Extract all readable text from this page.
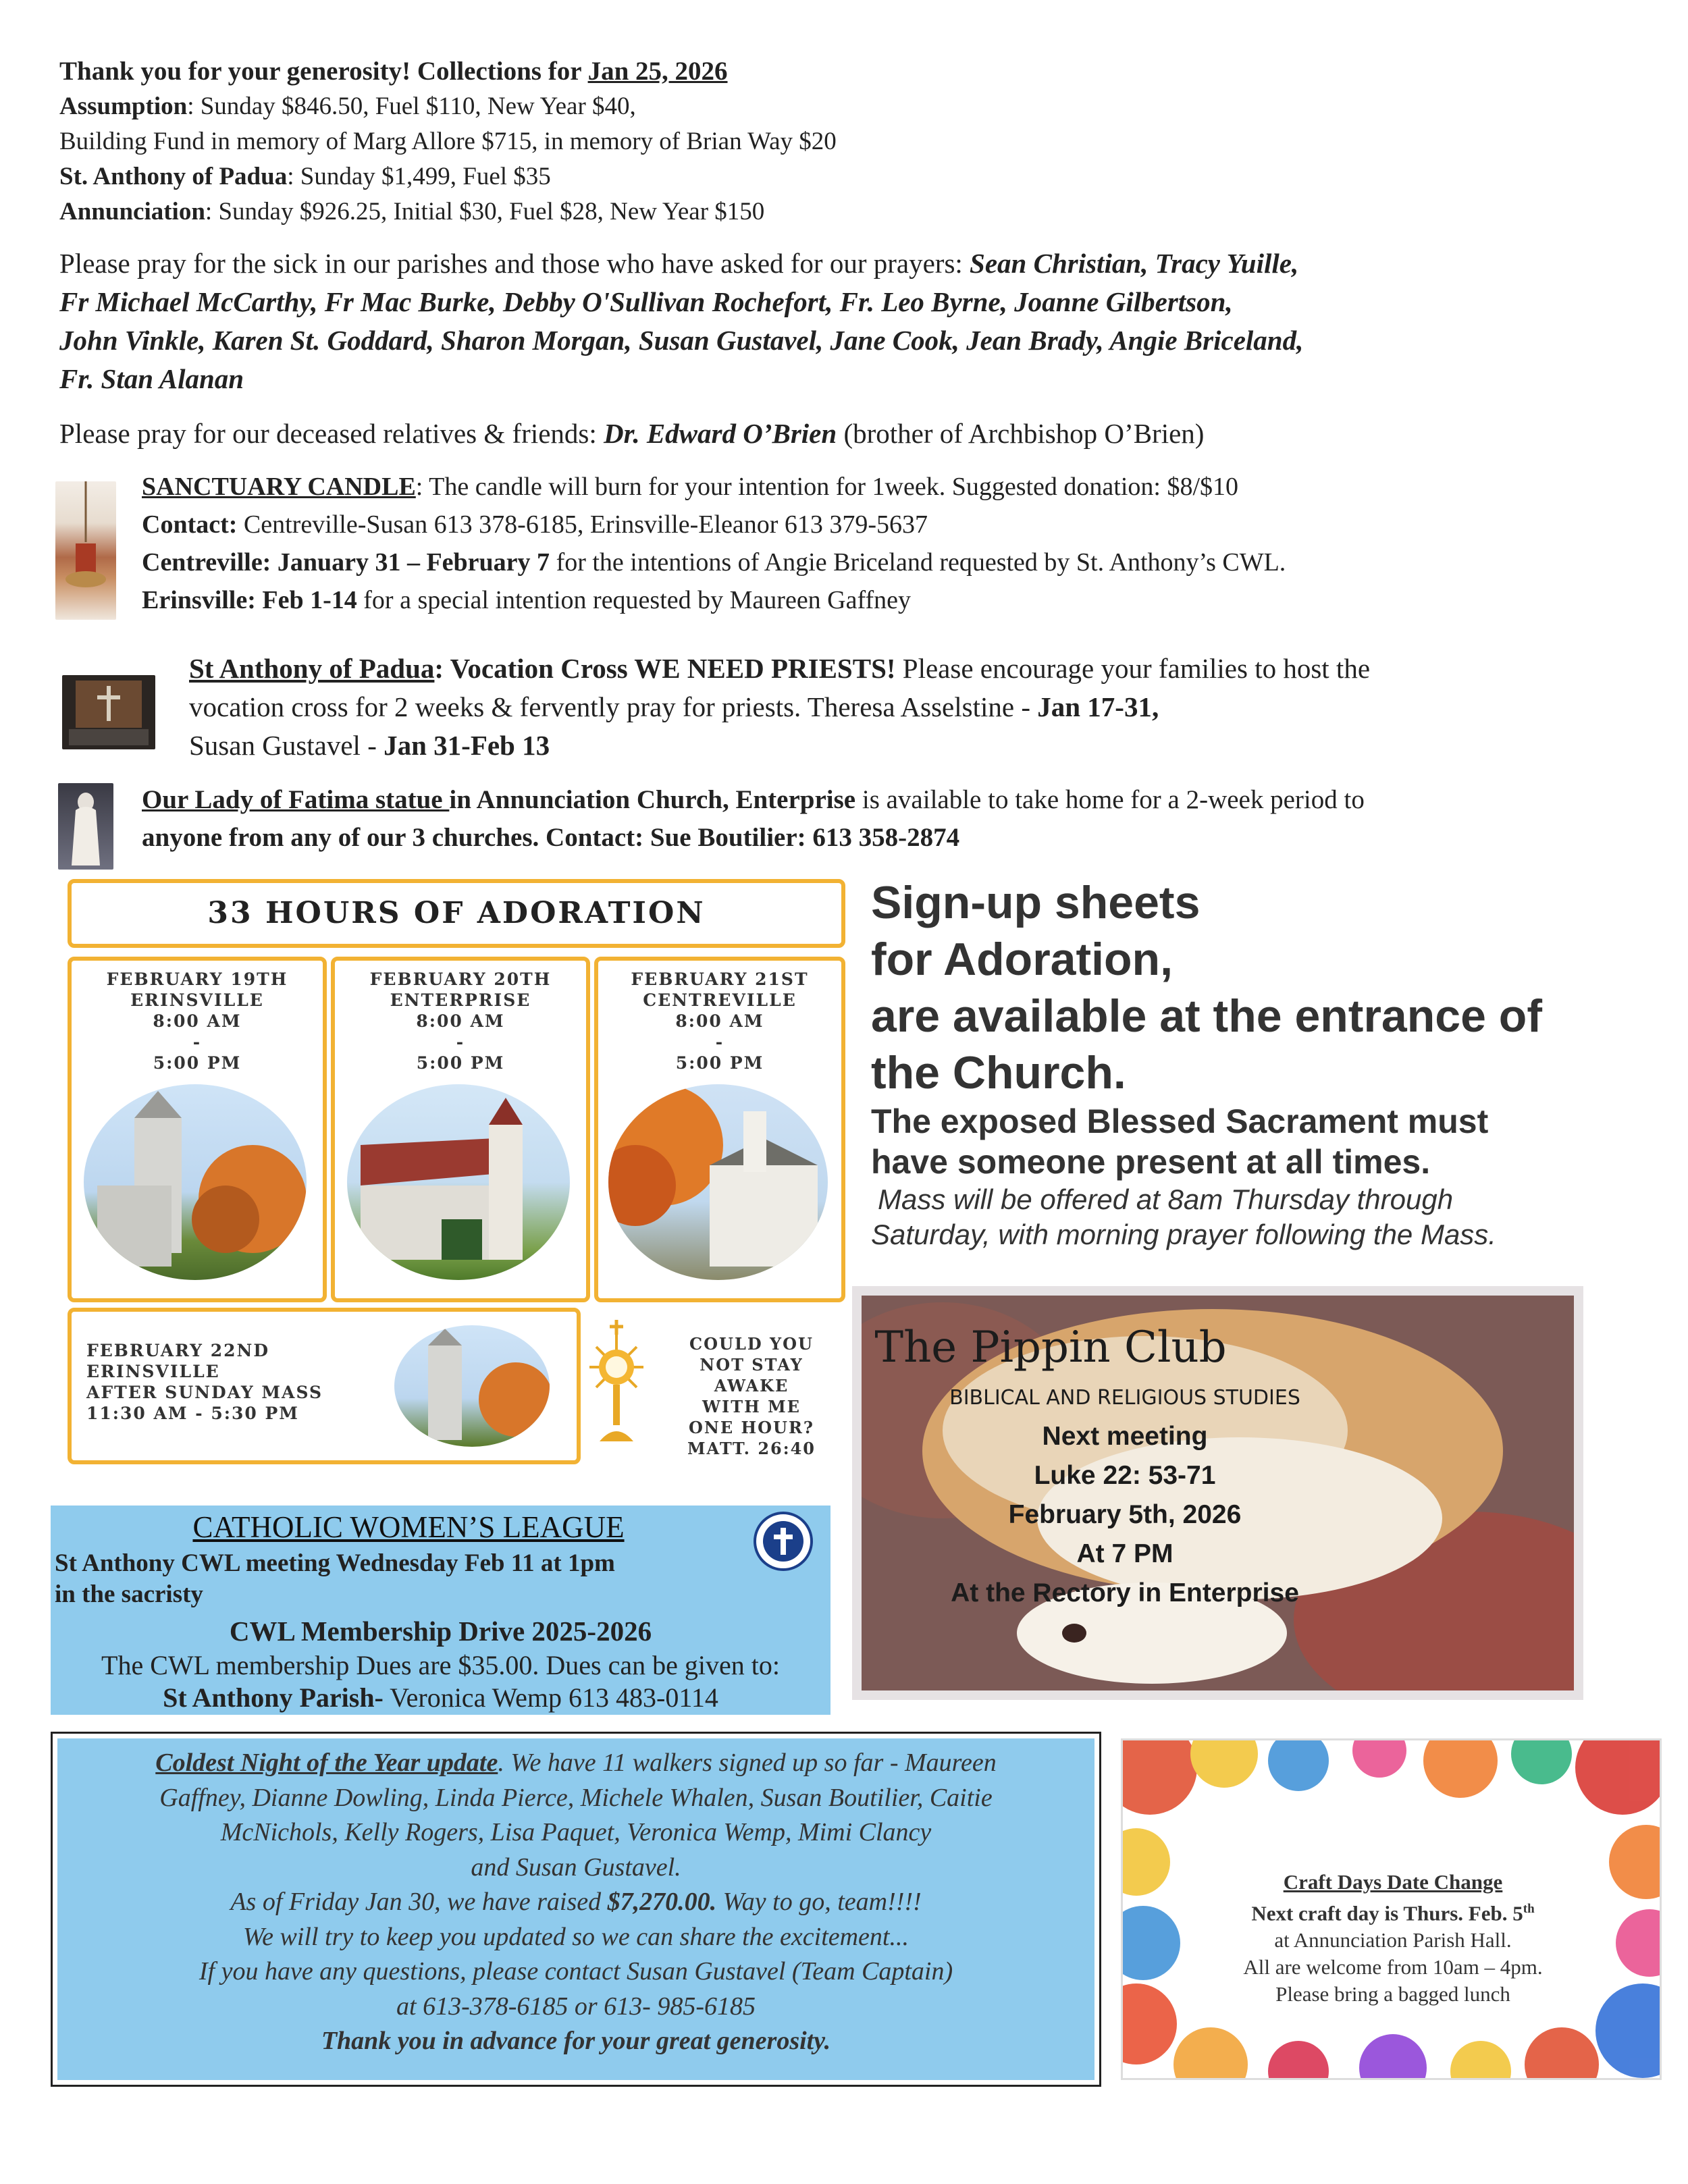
Thank you for your generosity! Collections for Jan 25, 2026
Assumption: Sunday $846.50, Fuel $110, New Year $40,
Building Fund in memory of Marg Allore $715, in memory of Brian Way $20
St. Anthony of Padua: Sunday $1,499, Fuel $35
Annunciation: Sunday $926.25, Initial $30, Fuel $28, New Year $150
Please pray for the sick in our parishes and those who have asked for our prayers: Sean Christian, Tracy Yuille,
Fr Michael McCarthy, Fr Mac Burke, Debby O'Sullivan Rochefort, Fr. Leo Byrne, Joanne Gilbertson,
John Vinkle, Karen St. Goddard, Sharon Morgan, Susan Gustavel, Jane Cook, Jean Brady, Angie Briceland,
Fr. Stan Alanan
Please pray for our deceased relatives & friends: Dr. Edward O’Brien (brother of Archbishop O’Brien)
SANCTUARY CANDLE: The candle will burn for your intention for 1week. Suggested donation: $8/$10
Contact: Centreville-Susan 613 378-6185, Erinsville-Eleanor 613 379-5637
Centreville: January 31 – February 7 for the intentions of Angie Briceland requested by St. Anthony’s CWL.
Erinsville: Feb 1-14 for a special intention requested by Maureen Gaffney
St Anthony of Padua: Vocation Cross WE NEED PRIESTS! Please encourage your families to host the
vocation cross for 2 weeks & fervently pray for priests. Theresa Asselstine - Jan 17-31,
Susan Gustavel - Jan 31-Feb 13
Our Lady of Fatima statue in Annunciation Church, Enterprise is available to take home for a 2-week period to
anyone from any of our 3 churches. Contact: Sue Boutilier: 613 358-2874
33 HOURS OF ADORATION
FEBRUARY 19TH
ERINSVILLE
8:00 AM
-
5:00 PM
FEBRUARY 20TH
ENTERPRISE
8:00 AM
-
5:00 PM
FEBRUARY 21ST
CENTREVILLE
8:00 AM
-
5:00 PM
FEBRUARY 22ND
ERINSVILLE
AFTER SUNDAY MASS
11:30 AM - 5:30 PM
COULD YOU
NOT STAY
AWAKE
WITH ME
ONE HOUR?
MATT. 26:40
Sign-up sheets
for Adoration,
are available at the entrance of
the Church.
The exposed Blessed Sacrament must
have someone present at all times.
Mass will be offered at 8am Thursday through
Saturday, with morning prayer following the Mass.
The Pippin Club
BIBLICAL AND RELIGIOUS STUDIES
Next meeting
Luke 22: 53-71
February 5th, 2026
At 7 PM
At the Rectory in Enterprise
CATHOLIC WOMEN’S LEAGUE
St Anthony CWL meeting Wednesday Feb 11 at 1pm
in the sacristy
CWL Membership Drive 2025-2026
The CWL membership Dues are $35.00. Dues can be given to:
St Anthony Parish- Veronica Wemp 613 483-0114
Coldest Night of the Year update. We have 11 walkers signed up so far - Maureen
Gaffney, Dianne Dowling, Linda Pierce, Michele Whalen, Susan Boutilier, Caitie
McNichols, Kelly Rogers, Lisa Paquet, Veronica Wemp, Mimi Clancy
and Susan Gustavel.
As of Friday Jan 30, we have raised $7,270.00. Way to go, team!!!!
We will try to keep you updated so we can share the excitement...
If you have any questions, please contact Susan Gustavel (Team Captain)
at 613-378-6185 or 613- 985-6185
Thank you in advance for your great generosity.
Craft Days Date Change
Next craft day is Thurs. Feb. 5th
at Annunciation Parish Hall.
All are welcome from 10am – 4pm.
Please bring a bagged lunch
